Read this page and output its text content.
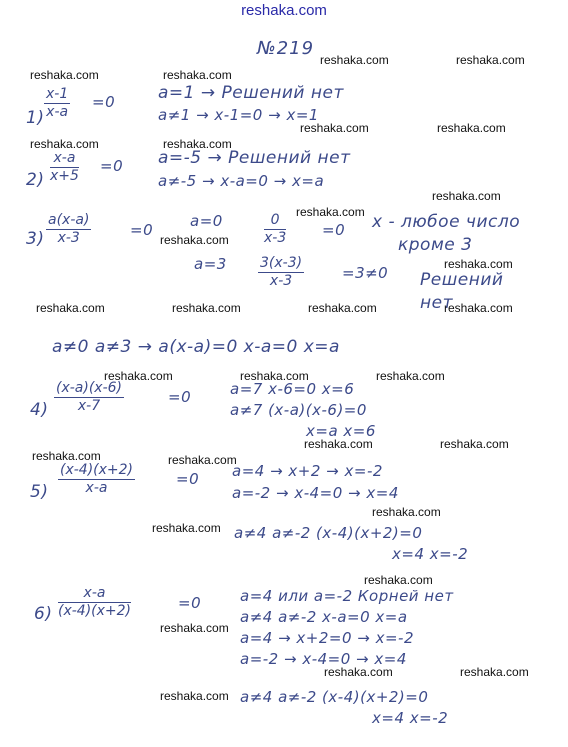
reshaka.com
№219
reshaka.com	reshaka.com
reshaka.com	reshaka.com
reshaka.com	reshaka.com
reshaka.com	reshaka.com
reshaka.com
reshaka.com
reshaka.com
reshaka.com
reshaka.com	reshaka.com	reshaka.com	reshaka.com
reshaka.com	reshaka.com	reshaka.com
reshaka.com	reshaka.com
reshaka.com	reshaka.com
reshaka.com
reshaka.com
reshaka.com
reshaka.com
reshaka.com	reshaka.com
reshaka.com
$1) \frac{x-1}{x-a} =0$	a=1 → Решений нет
a≠1 → x-1=0 → x=1
$2) \frac{x-a}{x+5} =0$ a=-5 → Решений нет
a≠-5 → x-a=0 → x=a
$3) \frac{a(x-a)}{x-3}$	=0 a=0	$\frac{0}{x-3} =0$ x - любое число
кроме 3
$a=3 \frac{3(x-3)}{x-3}$	=3≠0 Решений
нет
a≠0 a≠3 → a(x-a)=0 x-a=0 x=a
$4) \frac{(x-a)(x-6)}{x-7}$	=0	a=7 x-6=0 x=6
a≠7 (x-a)(x-6)=0
x=a x=6
$5) \frac{(x-4)(x+2)}{x-a}$	=0 a=4 → x+2 → x=-2
a=-2 → x-4=0 → x=4
a≠4 a≠-2 (x-4)(x+2)=0
x=4 x=-2
$6) \frac{x-a}{(x-4)(x+2)}$	=0	a=4 или a=-2 Корней нет
a≠4 a≠-2 x-a=0 x=a
a=4 → x+2=0 → x=-2
a=-2 → x-4=0 → x=4
a≠4 a≠-2 (x-4)(x+2)=0
x=4 x=-2
